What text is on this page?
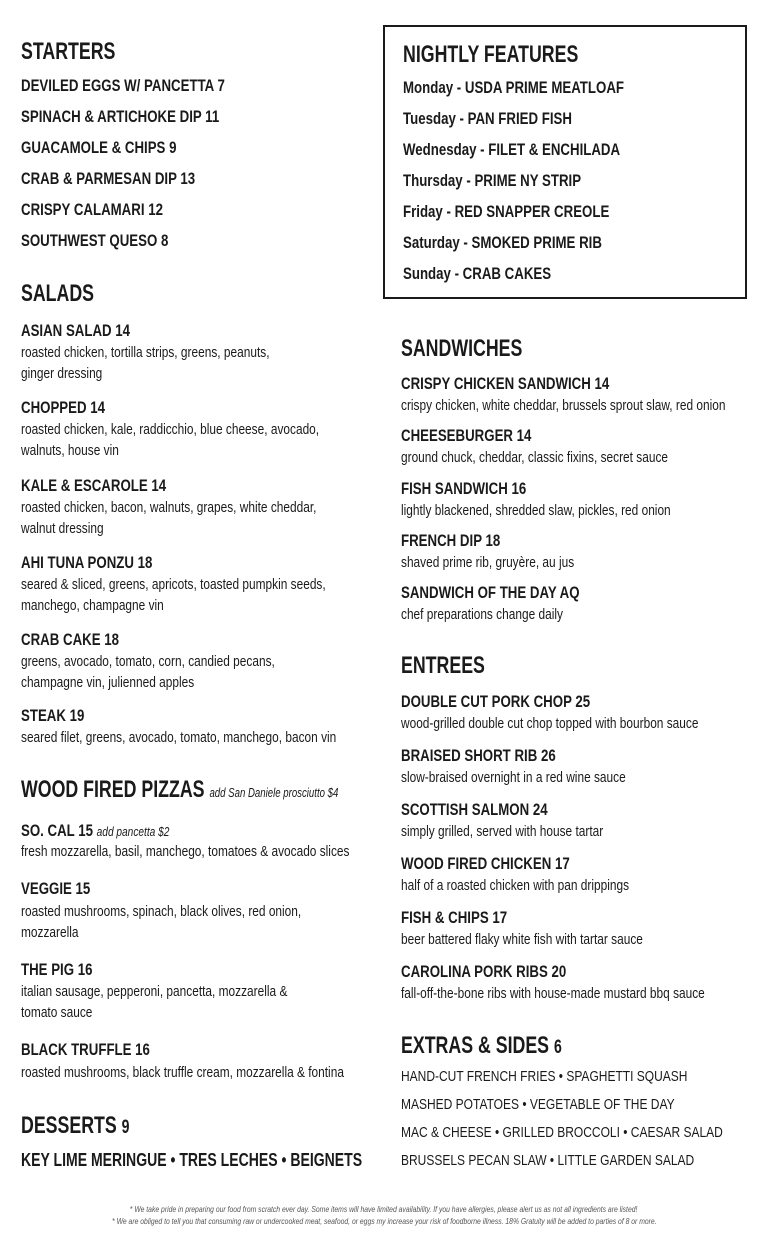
STARTERS
DEVILED EGGS W/ PANCETTA 7
SPINACH & ARTICHOKE DIP 11
GUACAMOLE & CHIPS 9
CRAB & PARMESAN DIP 13
CRISPY CALAMARI 12
SOUTHWEST QUESO 8
SALADS
ASIAN SALAD 14
roasted chicken, tortilla strips, greens, peanuts,
ginger dressing
CHOPPED 14
roasted chicken, kale, raddicchio, blue cheese, avocado,
walnuts, house vin
KALE & ESCAROLE 14
roasted chicken, bacon, walnuts, grapes, white cheddar,
walnut dressing
AHI TUNA PONZU 18
seared & sliced, greens, apricots, toasted pumpkin seeds,
manchego, champagne vin
CRAB CAKE 18
greens, avocado, tomato, corn, candied pecans,
champagne vin, julienned apples
STEAK 19
seared filet, greens, avocado, tomato, manchego, bacon vin
WOOD FIRED PIZZAS add San Daniele prosciutto $4
SO. CAL 15 add pancetta $2
fresh mozzarella, basil, manchego, tomatoes & avocado slices
VEGGIE 15
roasted mushrooms, spinach, black olives, red onion,
mozzarella
THE PIG 16
italian sausage, pepperoni, pancetta, mozzarella &
tomato sauce
BLACK TRUFFLE 16
roasted mushrooms, black truffle cream, mozzarella & fontina
DESSERTS 9
KEY LIME MERINGUE • TRES LECHES • BEIGNETS
NIGHTLY FEATURES
Monday - USDA PRIME MEATLOAF
Tuesday - PAN FRIED FISH
Wednesday - FILET & ENCHILADA
Thursday - PRIME NY STRIP
Friday - RED SNAPPER CREOLE
Saturday - SMOKED PRIME RIB
Sunday - CRAB CAKES
SANDWICHES
CRISPY CHICKEN SANDWICH 14
crispy chicken, white cheddar, brussels sprout slaw, red onion
CHEESEBURGER 14
ground chuck, cheddar, classic fixins, secret sauce
FISH SANDWICH 16
lightly blackened, shredded slaw, pickles, red onion
FRENCH DIP 18
shaved prime rib, gruyère, au jus
SANDWICH OF THE DAY AQ
chef preparations change daily
ENTREES
DOUBLE CUT PORK CHOP 25
wood-grilled double cut chop topped with bourbon sauce
BRAISED SHORT RIB 26
slow-braised overnight in a red wine sauce
SCOTTISH SALMON 24
simply grilled, served with house tartar
WOOD FIRED CHICKEN 17
half of a roasted chicken with pan drippings
FISH & CHIPS 17
beer battered flaky white fish with tartar sauce
CAROLINA PORK RIBS 20
fall-off-the-bone ribs with house-made mustard bbq sauce
EXTRAS & SIDES 6
HAND-CUT FRENCH FRIES • SPAGHETTI SQUASH
MASHED POTATOES • VEGETABLE OF THE DAY
MAC & CHEESE • GRILLED BROCCOLI • CAESAR SALAD
BRUSSELS PECAN SLAW • LITTLE GARDEN SALAD
* We take pride in preparing our food from scratch ever day. Some items will have limited availability. If you have allergies, please alert us as not all ingredients are listed!
* We are obliged to tell you that consuming raw or undercooked meat, seafood, or eggs my increase your risk of foodborne illness. 18% Gratuity will be added to parties of 8 or more.
